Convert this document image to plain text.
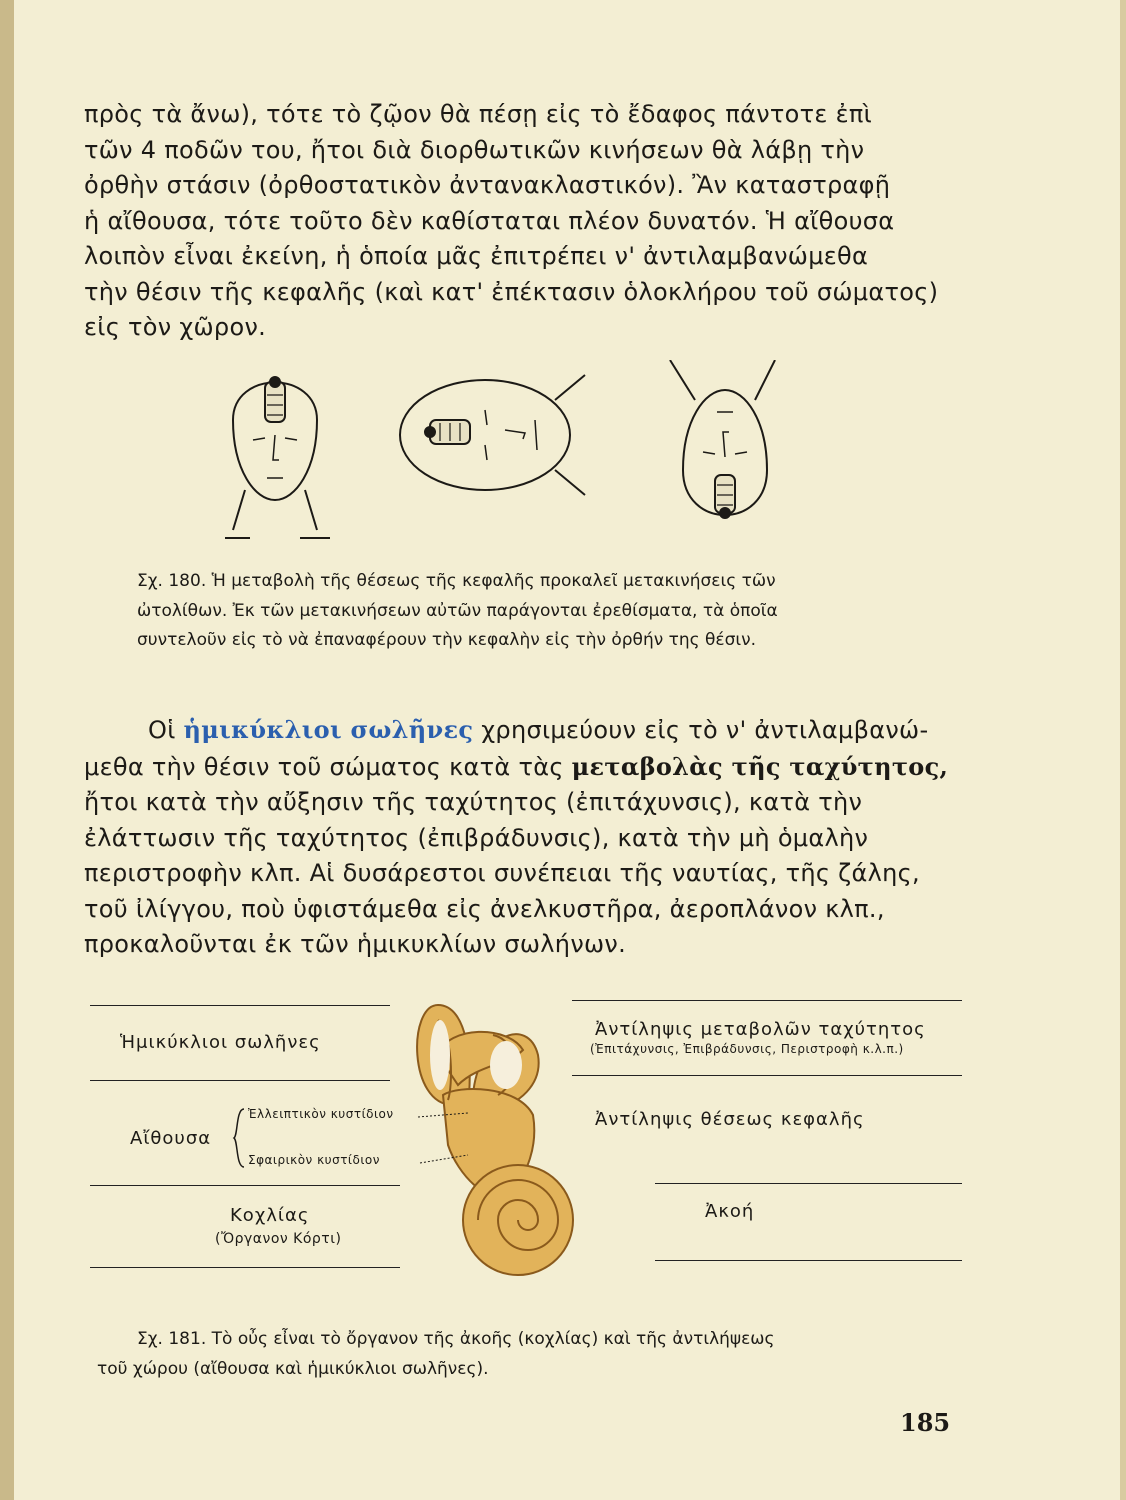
πρὸς τὰ ἄνω), τότε τὸ ζῷον θὰ πέσῃ εἰς τὸ ἔδαφος πάντοτε ἐπὶ
τῶν 4 ποδῶν του, ἤτοι διὰ διορθωτικῶν κινήσεων θὰ λάβῃ τὴν
ὀρθὴν στάσιν (ὀρθοστατικὸν ἀντανακλαστικόν). Ἂν καταστραφῇ
ἡ αἴθουσα, τότε τοῦτο δὲν καθίσταται πλέον δυνατόν. Ἡ αἴθουσα
λοιπὸν εἶναι ἐκείνη, ἡ ὁποία μᾶς ἐπιτρέπει ν' ἀντιλαμβανώμεθα
τὴν θέσιν τῆς κεφαλῆς (καὶ κατ' ἐπέκτασιν ὁλοκλήρου τοῦ σώματος)
εἰς τὸν χῶρον.
Σχ. 180. Ἡ μεταβολὴ τῆς θέσεως τῆς κεφαλῆς προκαλεῖ μετακινήσεις τῶν
ὠτολίθων. Ἐκ τῶν μετακινήσεων αὐτῶν παράγονται ἐρεθίσματα, τὰ ὁποῖα
συντελοῦν εἰς τὸ νὰ ἐπαναφέρουν τὴν κεφαλὴν εἰς τὴν ὀρθήν της θέσιν.
Οἱ ἡμικύκλιοι σωλῆνες χρησιμεύουν εἰς τὸ ν' ἀντιλαμβανώ-
μεθα τὴν θέσιν τοῦ σώματος κατὰ τὰς μεταβολὰς τῆς ταχύτητος,
ἤτοι κατὰ τὴν αὔξησιν τῆς ταχύτητος (ἐπιτάχυνσις), κατὰ τὴν
ἐλάττωσιν τῆς ταχύτητος (ἐπιβράδυνσις), κατὰ τὴν μὴ ὁμαλὴν
περιστροφὴν κλπ. Αἱ δυσάρεστοι συνέπειαι τῆς ναυτίας, τῆς ζάλης,
τοῦ ἰλίγγου, ποὺ ὑφιστάμεθα εἰς ἀνελκυστῆρα, ἀεροπλάνον κλπ.,
προκαλοῦνται ἐκ τῶν ἡμικυκλίων σωλήνων.
Ἡμικύκλιοι σωλῆνες
Αἴθουσα
Ἐλλειπτικὸν κυστίδιον
Σφαιρικὸν κυστίδιον
Κοχλίας
(Ὄργανον Κόρτι)
Ἀντίληψις μεταβολῶν ταχύτητος
(Ἐπιτάχυνσις, Ἐπιβράδυνσις, Περιστροφὴ κ.λ.π.)
Ἀντίληψις θέσεως κεφαλῆς
Ἀκοή
Σχ. 181. Τὸ οὖς εἶναι τὸ ὄργανον τῆς ἀκοῆς (κοχλίας) καὶ τῆς ἀντιλήψεως
τοῦ χώρου (αἴθουσα καὶ ἡμικύκλιοι σωλῆνες).
185
